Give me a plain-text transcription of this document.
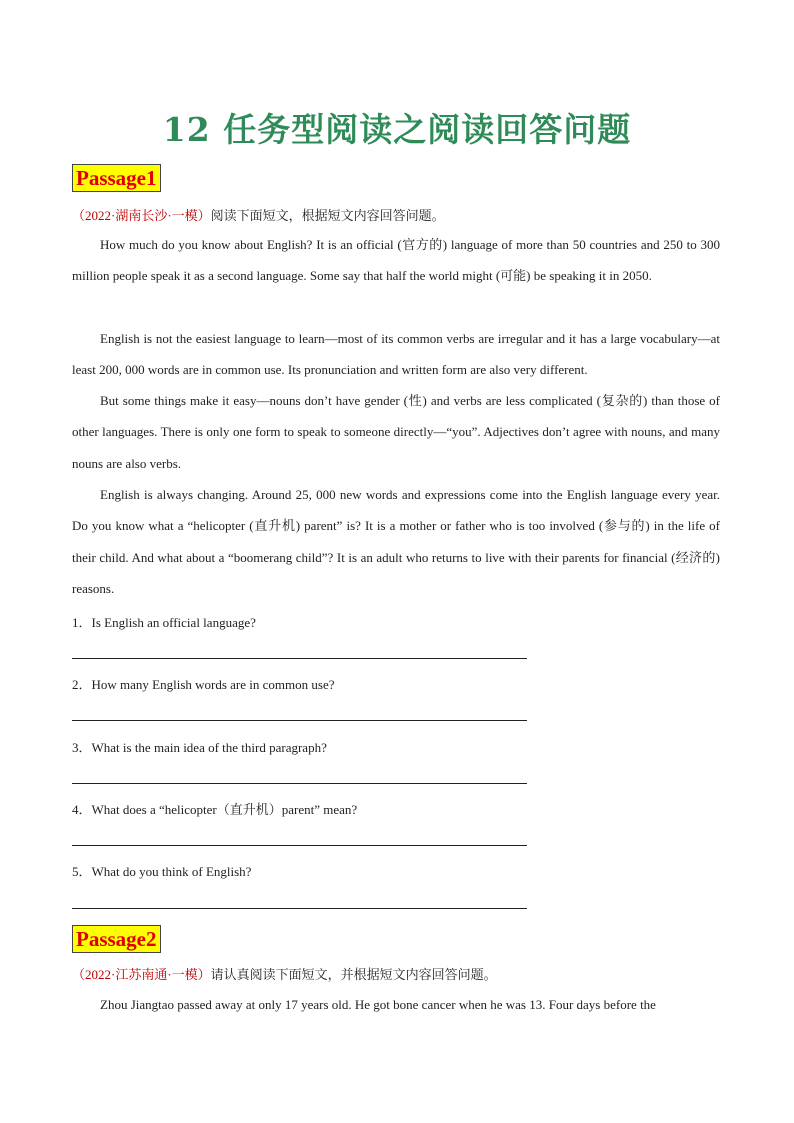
12 任务型阅读之阅读回答问题
Passage1
（2022·湖南长沙·一模）阅读下面短文，根据短文内容回答问题。

How much do you know about English? It is an official (官方的) language of more than 50 countries and 250 to 300 million people speak it as a second language. Some say that half the world might (可能) be speaking it in 2050.

English is not the easiest language to learn—most of its common verbs are irregular and it has a large vocabulary—at least 200, 000 words are in common use. Its pronunciation and written form are also very different.

But some things make it easy—nouns don’t have gender (性) and verbs are less complicated (复杂的) than those of other languages. There is only one form to speak to someone directly—“you”. Adjectives don’t agree with nouns, and many nouns are also verbs.

English is always changing. Around 25, 000 new words and expressions come into the English language every year. Do you know what a “helicopter (直升机) parent” is? It is a mother or father who is too involved (参与的) in the life of their child. And what about a “boomerang child”? It is an adult who returns to live with their parents for financial (经济的) reasons.

1．Is English an official language?
2．How many English words are in common use?
3．What is the main idea of the third paragraph?
4．What does a “helicopter（直升机）parent” mean?
5．What do you think of English?
Passage2
（2022·江苏南通·一模）请认真阅读下面短文，并根据短文内容回答问题。

Zhou Jiangtao passed away at only 17 years old. He got bone cancer when he was 13. Four days before the
